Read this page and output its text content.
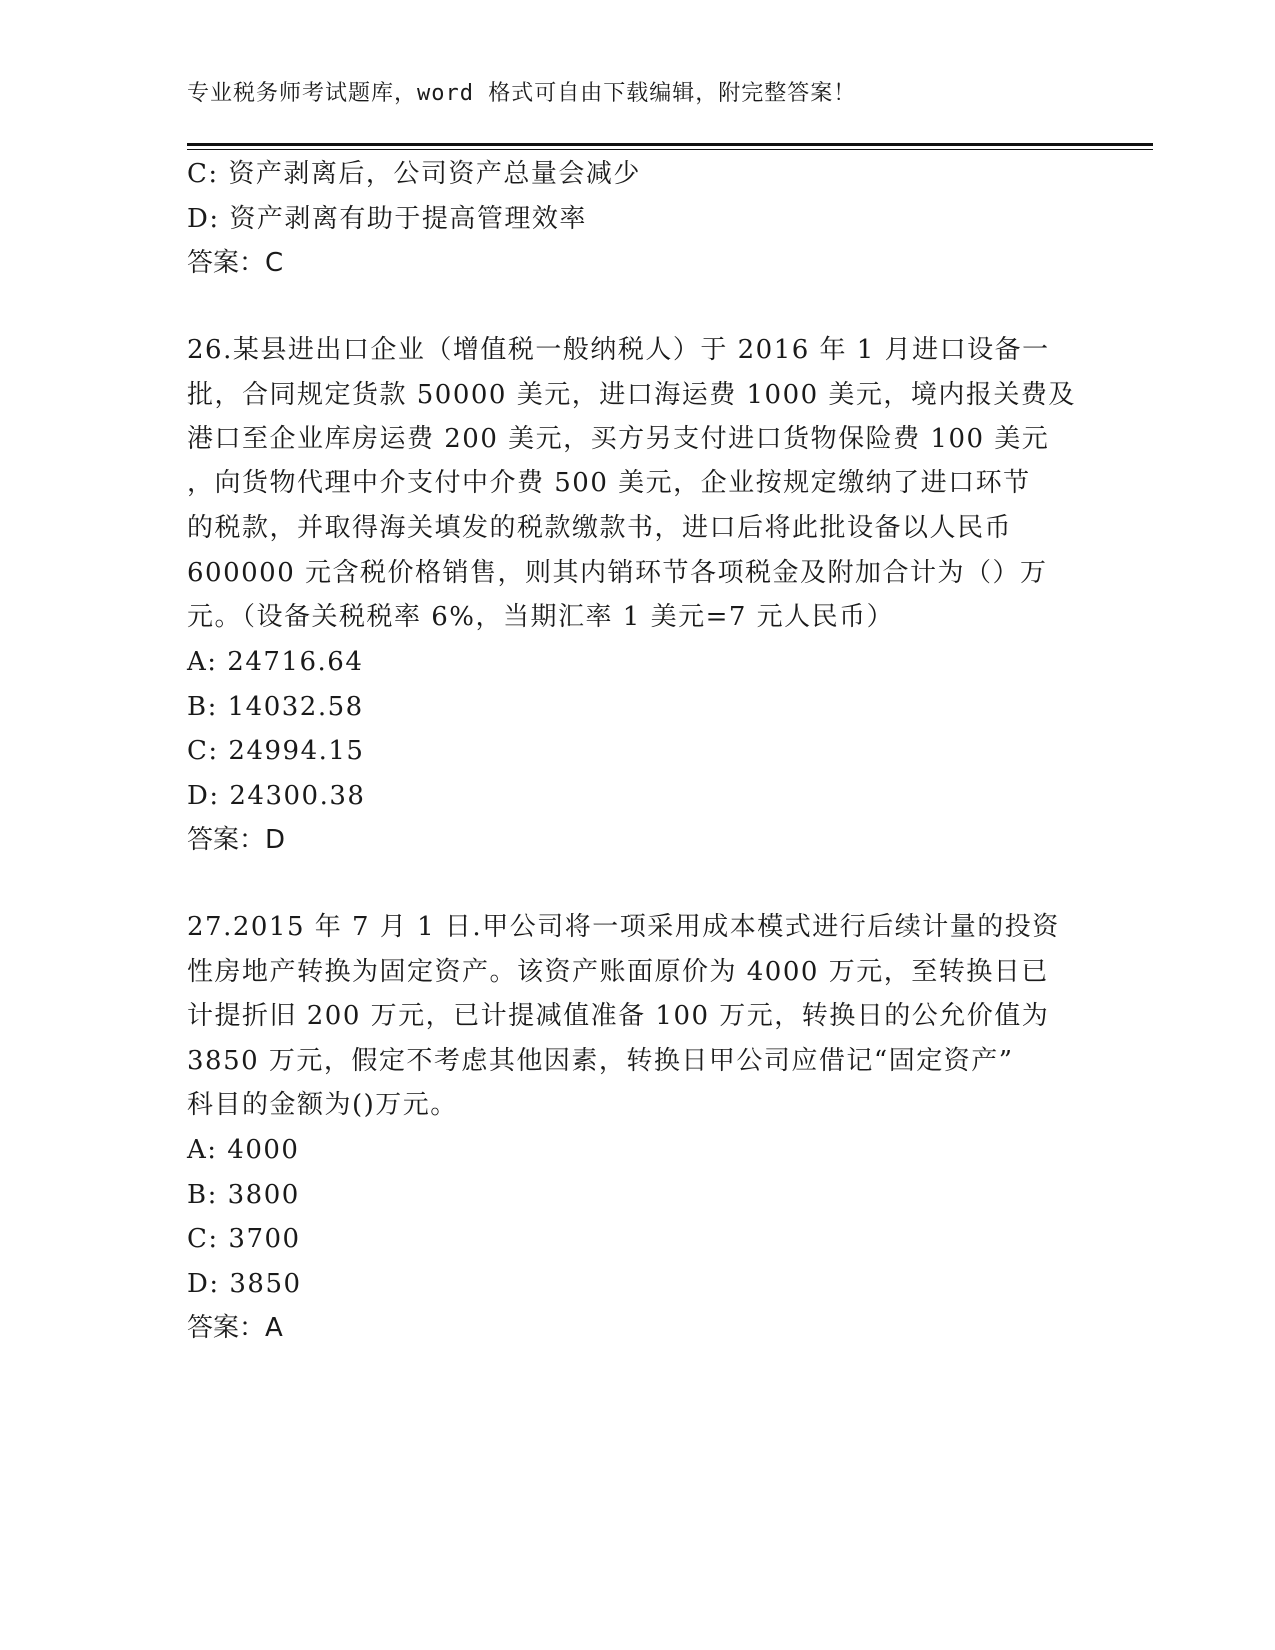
专业税务师考试题库，word 格式可自由下载编辑，附完整答案！
C: 资产剥离后，公司资产总量会减少
D: 资产剥离有助于提高管理效率
答案：C
26.某县进出口企业（增值税一般纳税人）于 2016 年 1 月进口设备一
批，合同规定货款 50000 美元，进口海运费 1000 美元，境内报关费及
港口至企业库房运费 200 美元，买方另支付进口货物保险费 100 美元
，向货物代理中介支付中介费 500 美元，企业按规定缴纳了进口环节
的税款，并取得海关填发的税款缴款书，进口后将此批设备以人民币
600000 元含税价格销售，则其内销环节各项税金及附加合计为（）万
元。（设备关税税率 6%，当期汇率 1 美元=7 元人民币）
A: 24716.64
B: 14032.58
C: 24994.15
D: 24300.38
答案：D
27.2015 年 7 月 1 日.甲公司将一项采用成本模式进行后续计量的投资
性房地产转换为固定资产。该资产账面原价为 4000 万元，至转换日已
计提折旧 200 万元，已计提减值准备 100 万元，转换日的公允价值为
3850 万元，假定不考虑其他因素，转换日甲公司应借记“固定资产”
科目的金额为()万元。
A: 4000
B: 3800
C: 3700
D: 3850
答案：A
